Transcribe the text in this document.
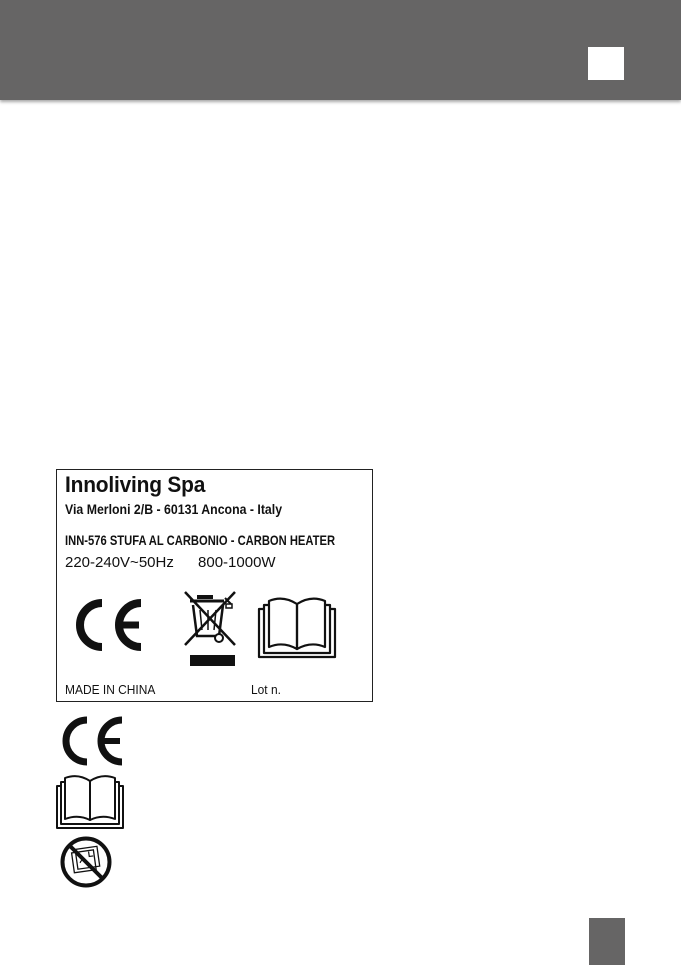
Innoliving Spa
Via Merloni 2/B - 60131 Ancona - Italy
INN-576 STUFA AL CARBONIO - CARBON HEATER
220-240V~50Hz 800-1000W
MADE IN CHINA	Lot n.
